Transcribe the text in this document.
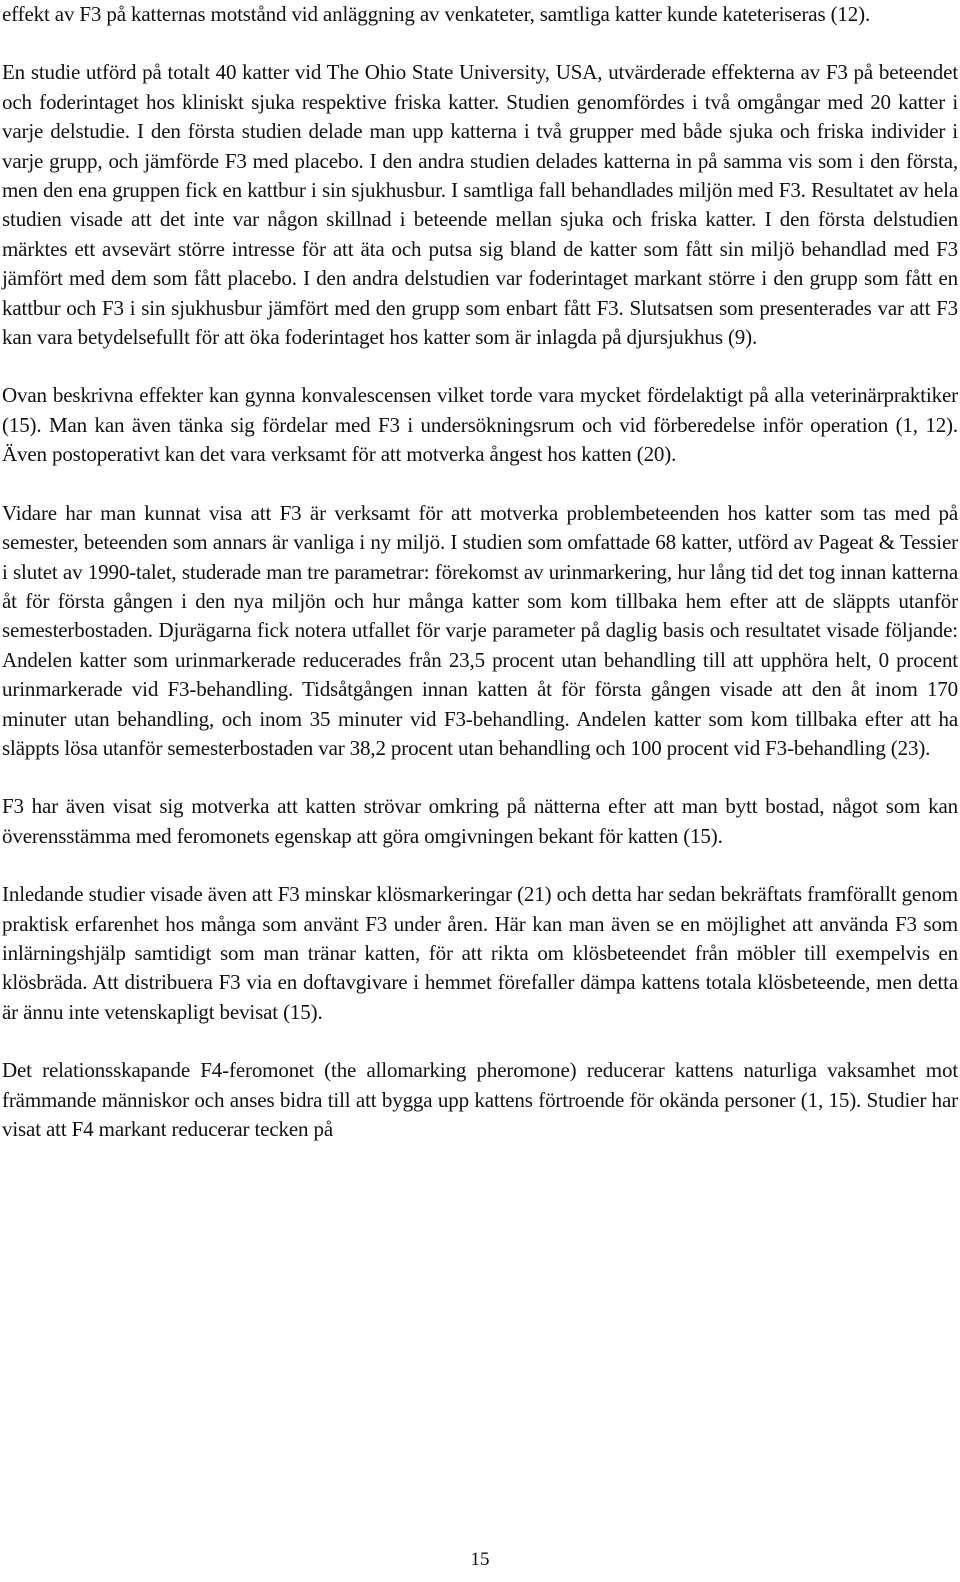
effekt av F3 på katternas motstånd vid anläggning av venkateter, samtliga katter kunde kateteriseras (12).

En studie utförd på totalt 40 katter vid The Ohio State University, USA, utvärderade effekterna av F3 på beteendet och foderintaget hos kliniskt sjuka respektive friska katter. Studien genomfördes i två omgångar med 20 katter i varje delstudie. I den första studien delade man upp katterna i två grupper med både sjuka och friska individer i varje grupp, och jämförde F3 med placebo. I den andra studien delades katterna in på samma vis som i den första, men den ena gruppen fick en kattbur i sin sjukhusbur. I samtliga fall behandlades miljön med F3. Resultatet av hela studien visade att det inte var någon skillnad i beteende mellan sjuka och friska katter. I den första delstudien märktes ett avsevärt större intresse för att äta och putsa sig bland de katter som fått sin miljö behandlad med F3 jämfört med dem som fått placebo. I den andra delstudien var foderintaget markant större i den grupp som fått en kattbur och F3 i sin sjukhusbur jämfört med den grupp som enbart fått F3. Slutsatsen som presenterades var att F3 kan vara betydelsefullt för att öka foderintaget hos katter som är inlagda på djursjukhus (9).

Ovan beskrivna effekter kan gynna konvalescensen vilket torde vara mycket fördelaktigt på alla veterinärpraktiker (15). Man kan även tänka sig fördelar med F3 i undersökningsrum och vid förberedelse inför operation (1, 12). Även postoperativt kan det vara verksamt för att motverka ångest hos katten (20).

Vidare har man kunnat visa att F3 är verksamt för att motverka problembeteenden hos katter som tas med på semester, beteenden som annars är vanliga i ny miljö. I studien som omfattade 68 katter, utförd av Pageat & Tessier i slutet av 1990-talet, studerade man tre parametrar: förekomst av urinmarkering, hur lång tid det tog innan katterna åt för första gången i den nya miljön och hur många katter som kom tillbaka hem efter att de släppts utanför semesterbostaden. Djurägarna fick notera utfallet för varje parameter på daglig basis och resultatet visade följande: Andelen katter som urinmarkerade reducerades från 23,5 procent utan behandling till att upphöra helt, 0 procent urinmarkerade vid F3-behandling. Tidsåtgången innan katten åt för första gången visade att den åt inom 170 minuter utan behandling, och inom 35 minuter vid F3-behandling. Andelen katter som kom tillbaka efter att ha släppts lösa utanför semesterbostaden var 38,2 procent utan behandling och 100 procent vid F3-behandling (23).

F3 har även visat sig motverka att katten strövar omkring på nätterna efter att man bytt bostad, något som kan överensstämma med feromonets egenskap att göra omgivningen bekant för katten (15).

Inledande studier visade även att F3 minskar klösmarkeringar (21) och detta har sedan bekräftats framförallt genom praktisk erfarenhet hos många som använt F3 under åren. Här kan man även se en möjlighet att använda F3 som inlärningshjälp samtidigt som man tränar katten, för att rikta om klösbeteendet från möbler till exempelvis en klösbräda. Att distribuera F3 via en doftavgivare i hemmet förefaller dämpa kattens totala klösbeteende, men detta är ännu inte vetenskapligt bevisat (15).

Det relationsskapande F4-feromonet (the allomarking pheromone) reducerar kattens naturliga vaksamhet mot främmande människor och anses bidra till att bygga upp kattens förtroende för okända personer (1, 15). Studier har visat att F4 markant reducerar tecken på

15
